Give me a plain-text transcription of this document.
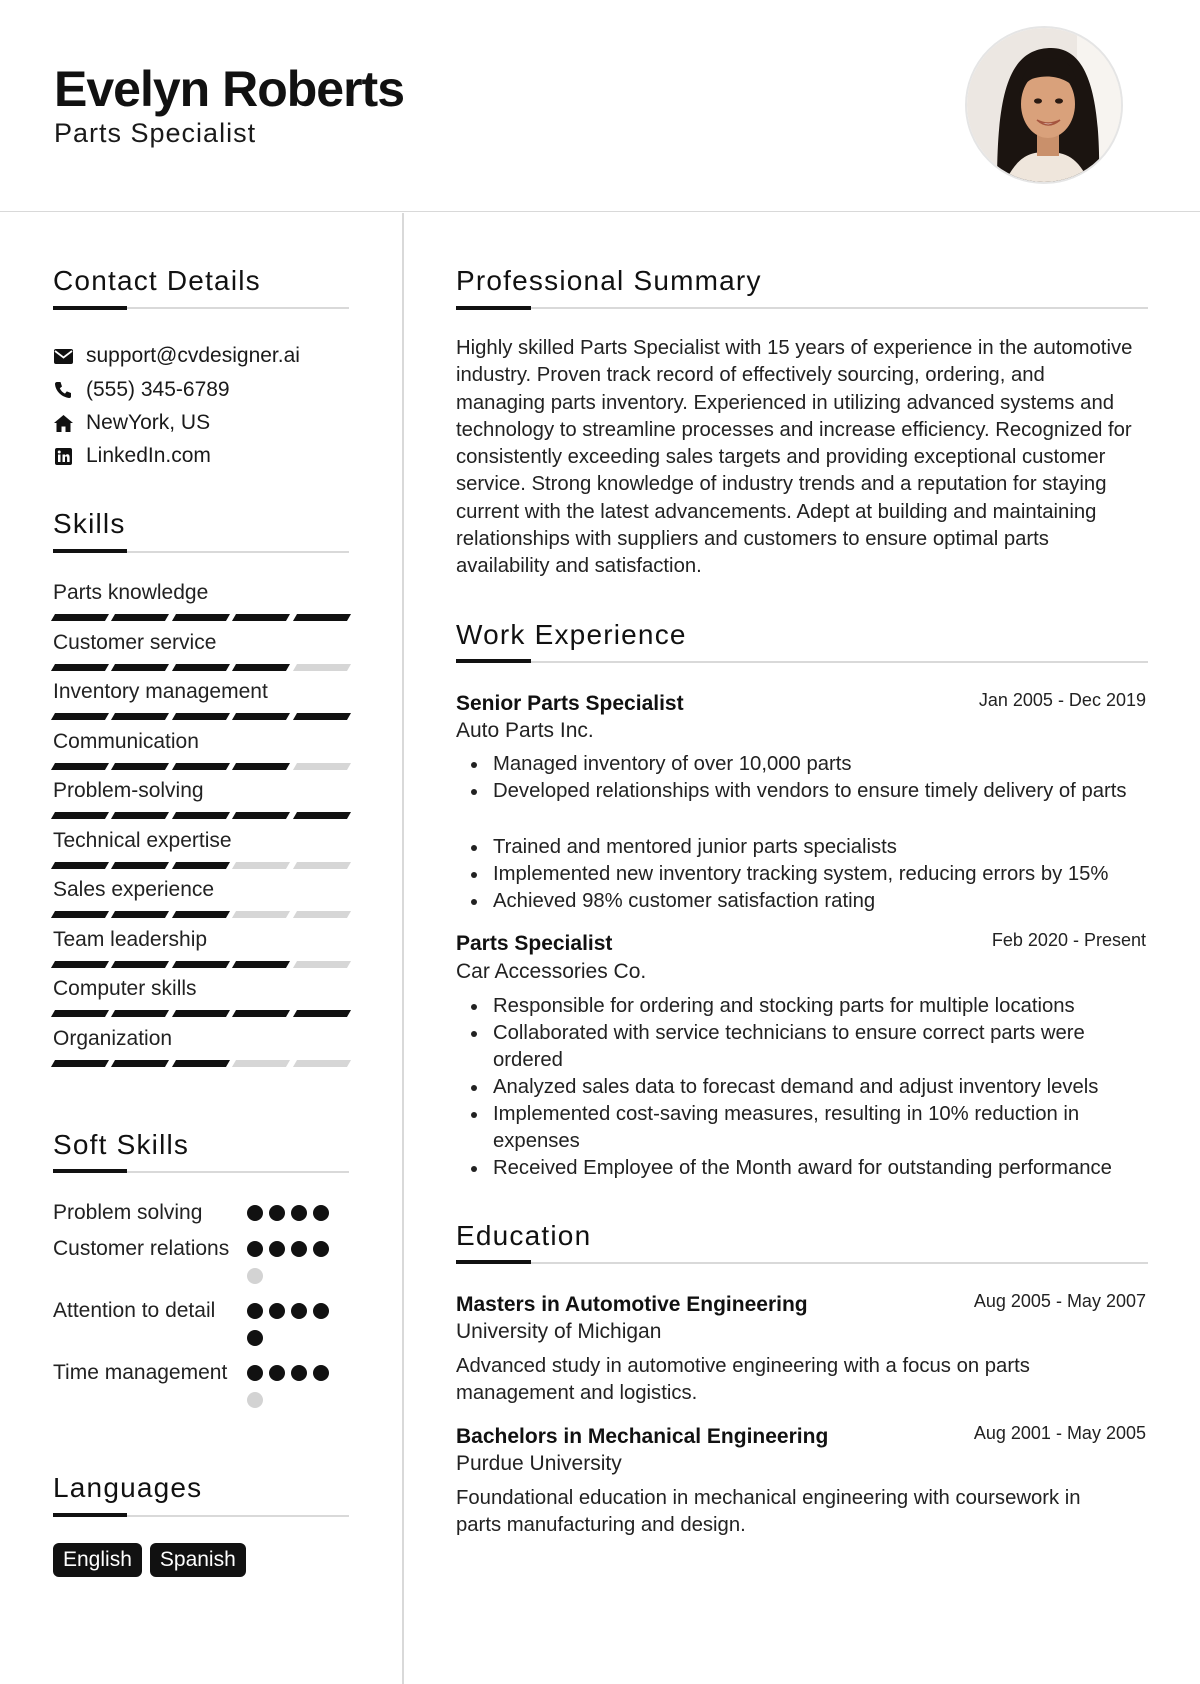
Evelyn Roberts
Parts Specialist
Contact Details
support@cvdesigner.ai
(555) 345-6789
NewYork, US
LinkedIn.com
Skills
Parts knowledge
Customer service
Inventory management
Communication
Problem-solving
Technical expertise
Sales experience
Team leadership
Computer skills
Organization
Soft Skills
Problem solving
Customer relations
Attention to detail
Time management
Languages
English	Spanish
Professional Summary
Highly skilled Parts Specialist with 15 years of experience in the automotive industry. Proven track record of effectively sourcing, ordering, and managing parts inventory. Experienced in utilizing advanced systems and technology to streamline processes and increase efficiency. Recognized for consistently exceeding sales targets and providing exceptional customer service. Strong knowledge of industry trends and a reputation for staying current with the latest advancements. Adept at building and maintaining relationships with suppliers and customers to ensure optimal parts availability and satisfaction.
Work Experience
Senior Parts Specialist	Jan 2005 - Dec 2019
Auto Parts Inc.
Managed inventory of over 10,000 parts
Developed relationships with vendors to ensure timely delivery of parts
Trained and mentored junior parts specialists
Implemented new inventory tracking system, reducing errors by 15%
Achieved 98% customer satisfaction rating
Parts Specialist	Feb 2020 - Present
Car Accessories Co.
Responsible for ordering and stocking parts for multiple locations
Collaborated with service technicians to ensure correct parts were ordered
Analyzed sales data to forecast demand and adjust inventory levels
Implemented cost-saving measures, resulting in 10% reduction in expenses
Received Employee of the Month award for outstanding performance
Education
Masters in Automotive Engineering	Aug 2005 - May 2007
University of Michigan
Advanced study in automotive engineering with a focus on parts management and logistics.
Bachelors in Mechanical Engineering	Aug 2001 - May 2005
Purdue University
Foundational education in mechanical engineering with coursework in parts manufacturing and design.
